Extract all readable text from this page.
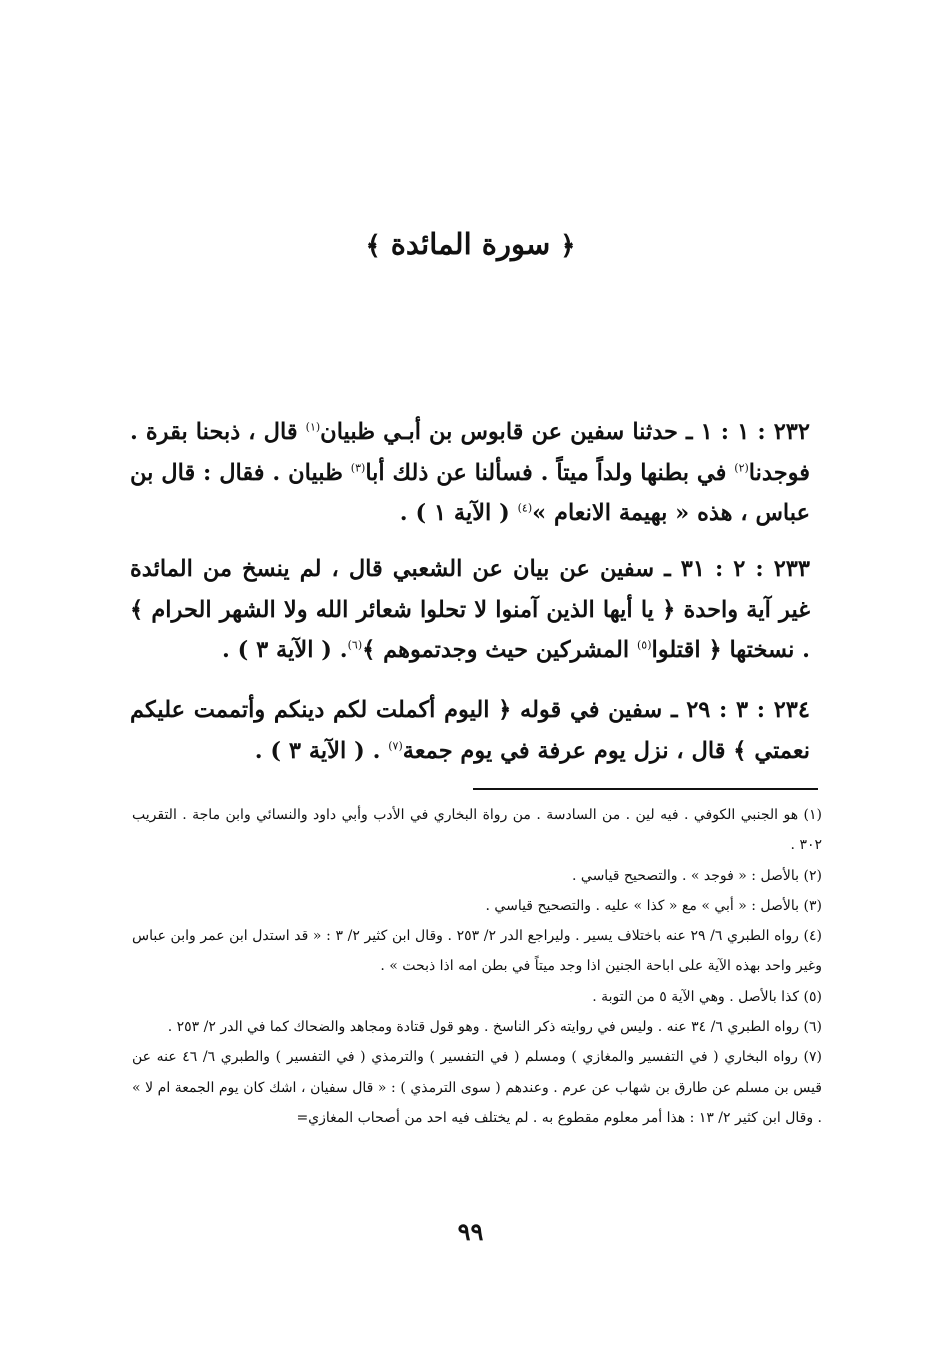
﴿سورة المائدة﴾

٢٣٢ : ١ : ١ ـ حدثنا سفين عن قابوس بن أبـي ظبيان$^{(١)}$ قال ، ذبحنا بقرة . فوجدنا$^{(٢)}$ في بطنها ولداً ميتاً . فسألنا عن ذلك أبا$^{(٣)}$ ظبيان . فقال : قال بن عباس ، هذه « بهيمة الانعام »$^{(٤)}$ ( الآية ١ ) .

٢٣٣ : ٢ : ٣١ ـ سفين عن بيان عن الشعبي قال ، لم ينسخ من المائدة غير آية واحدة ﴿ يا أيها الذين آمنوا لا تحلوا شعائر الله ولا الشهر الحرام ﴾ . نسختها ﴿ اقتلوا$^{(٥)}$ المشركين حيث وجدتموهم ﴾$^{(٦)}$. ( الآية ٣ ) .

٢٣٤ : ٣ : ٢٩ ـ سفين في قوله ﴿ اليوم أكملت لكم دينكم وأتممت عليكم نعمتي ﴾ قال ، نزل يوم عرفة في يوم جمعة$^{(٧)}$ . ( الآية ٣ ) .

(١) هو الجنبي الكوفي . فيه لين . من السادسة . من رواة البخاري في الأدب وأبي داود والنسائي وابن ماجة . التقريب ٣٠٢ .

(٢) بالأصل : « فوجد » . والتصحيح قياسي .

(٣) بالأصل : « أبي » مع « كذا » عليه . والتصحيح قياسي .

(٤) رواه الطبري ٦/ ٢٩ عنه باختلاف يسير . وليراجع الدر ٢/ ٢٥٣ . وقال ابن كثير ٢/ ٣ : « قد استدل ابن عمر وابن عباس وغير واحد بهذه الآية على اباحة الجنين اذا وجد ميتاً في بطن امه اذا ذبحت » .

(٥) كذا بالأصل . وهي الآية ٥ من التوبة .

(٦) رواه الطبري ٦/ ٣٤ عنه . وليس في روايته ذكر الناسخ . وهو قول قتادة ومجاهد والضحاك كما في الدر ٢/ ٢٥٣ .

(٧) رواه البخاري ( في التفسير والمغازي ) ومسلم ( في التفسير ) والترمذي ( في التفسير ) والطبري ٦/ ٤٦ عنه عن قيس بن مسلم عن طارق بن شهاب عن عرم . وعندهم ( سوى الترمذي ) : « قال سفيان ، اشك كان يوم الجمعة ام لا » . وقال ابن كثير ٢/ ١٣ : هذا أمر معلوم مقطوع به . لم يختلف فيه احد من أصحاب المغازي=

٩٩
